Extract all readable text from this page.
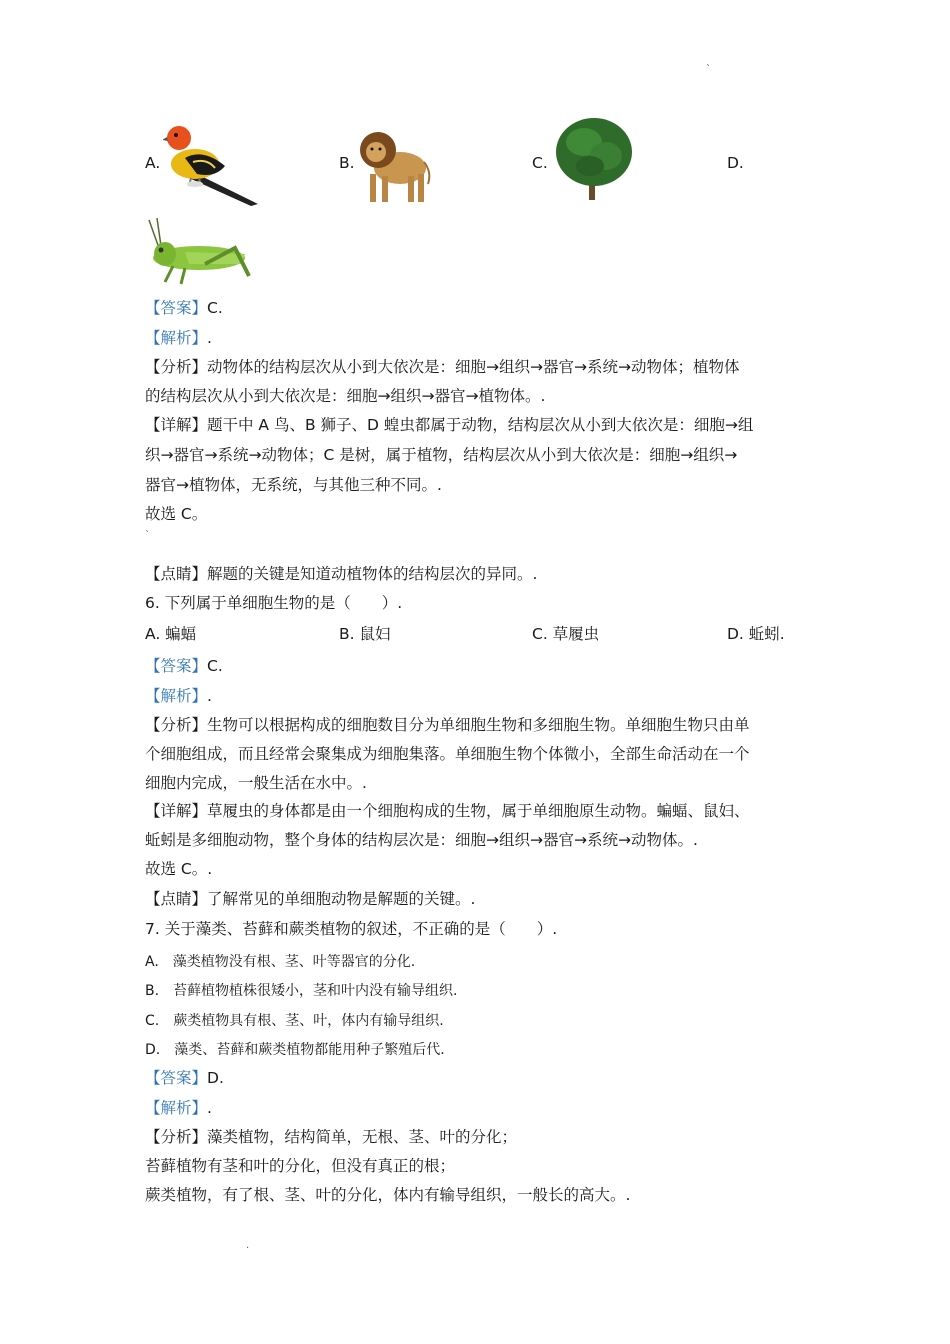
`
A.	B.	C.	D.
【答案】C.
【解析】.
【分析】动物体的结构层次从小到大依次是：细胞→组织→器官→系统→动物体；植物体
的结构层次从小到大依次是：细胞→组织→器官→植物体。.
【详解】题干中 A 鸟、B 狮子、D 蝗虫都属于动物，结构层次从小到大依次是：细胞→组
织→器官→系统→动物体；C 是树，属于植物，结构层次从小到大依次是：细胞→组织→
器官→植物体，无系统，与其他三种不同。.
故选 C。
`
【点睛】解题的关键是知道动植物体的结构层次的异同。.
6. 下列属于单细胞生物的是（　　）.
A. 蝙蝠	B. 鼠妇	C. 草履虫	D. 蚯蚓.
【答案】C.
【解析】.
【分析】生物可以根据构成的细胞数目分为单细胞生物和多细胞生物。单细胞生物只由单
个细胞组成，而且经常会聚集成为细胞集落。单细胞生物个体微小，全部生命活动在一个
细胞内完成，一般生活在水中。.
【详解】草履虫的身体都是由一个细胞构成的生物，属于单细胞原生动物。蝙蝠、鼠妇、
蚯蚓是多细胞动物，整个身体的结构层次是：细胞→组织→器官→系统→动物体。.
故选 C。.
【点睛】了解常见的单细胞动物是解题的关键。.
7. 关于藻类、苔藓和蕨类植物的叙述，不正确的是（　　）.
A.　藻类植物没有根、茎、叶等器官的分化.
B.　苔藓植物植株很矮小，茎和叶内没有输导组织.
C.　蕨类植物具有根、茎、叶，体内有输导组织.
D.　藻类、苔藓和蕨类植物都能用种子繁殖后代.
【答案】D.
【解析】.
【分析】藻类植物，结构简单，无根、茎、叶的分化；
苔藓植物有茎和叶的分化，但没有真正的根；
蕨类植物，有了根、茎、叶的分化，体内有输导组织，一般长的高大。.
.
